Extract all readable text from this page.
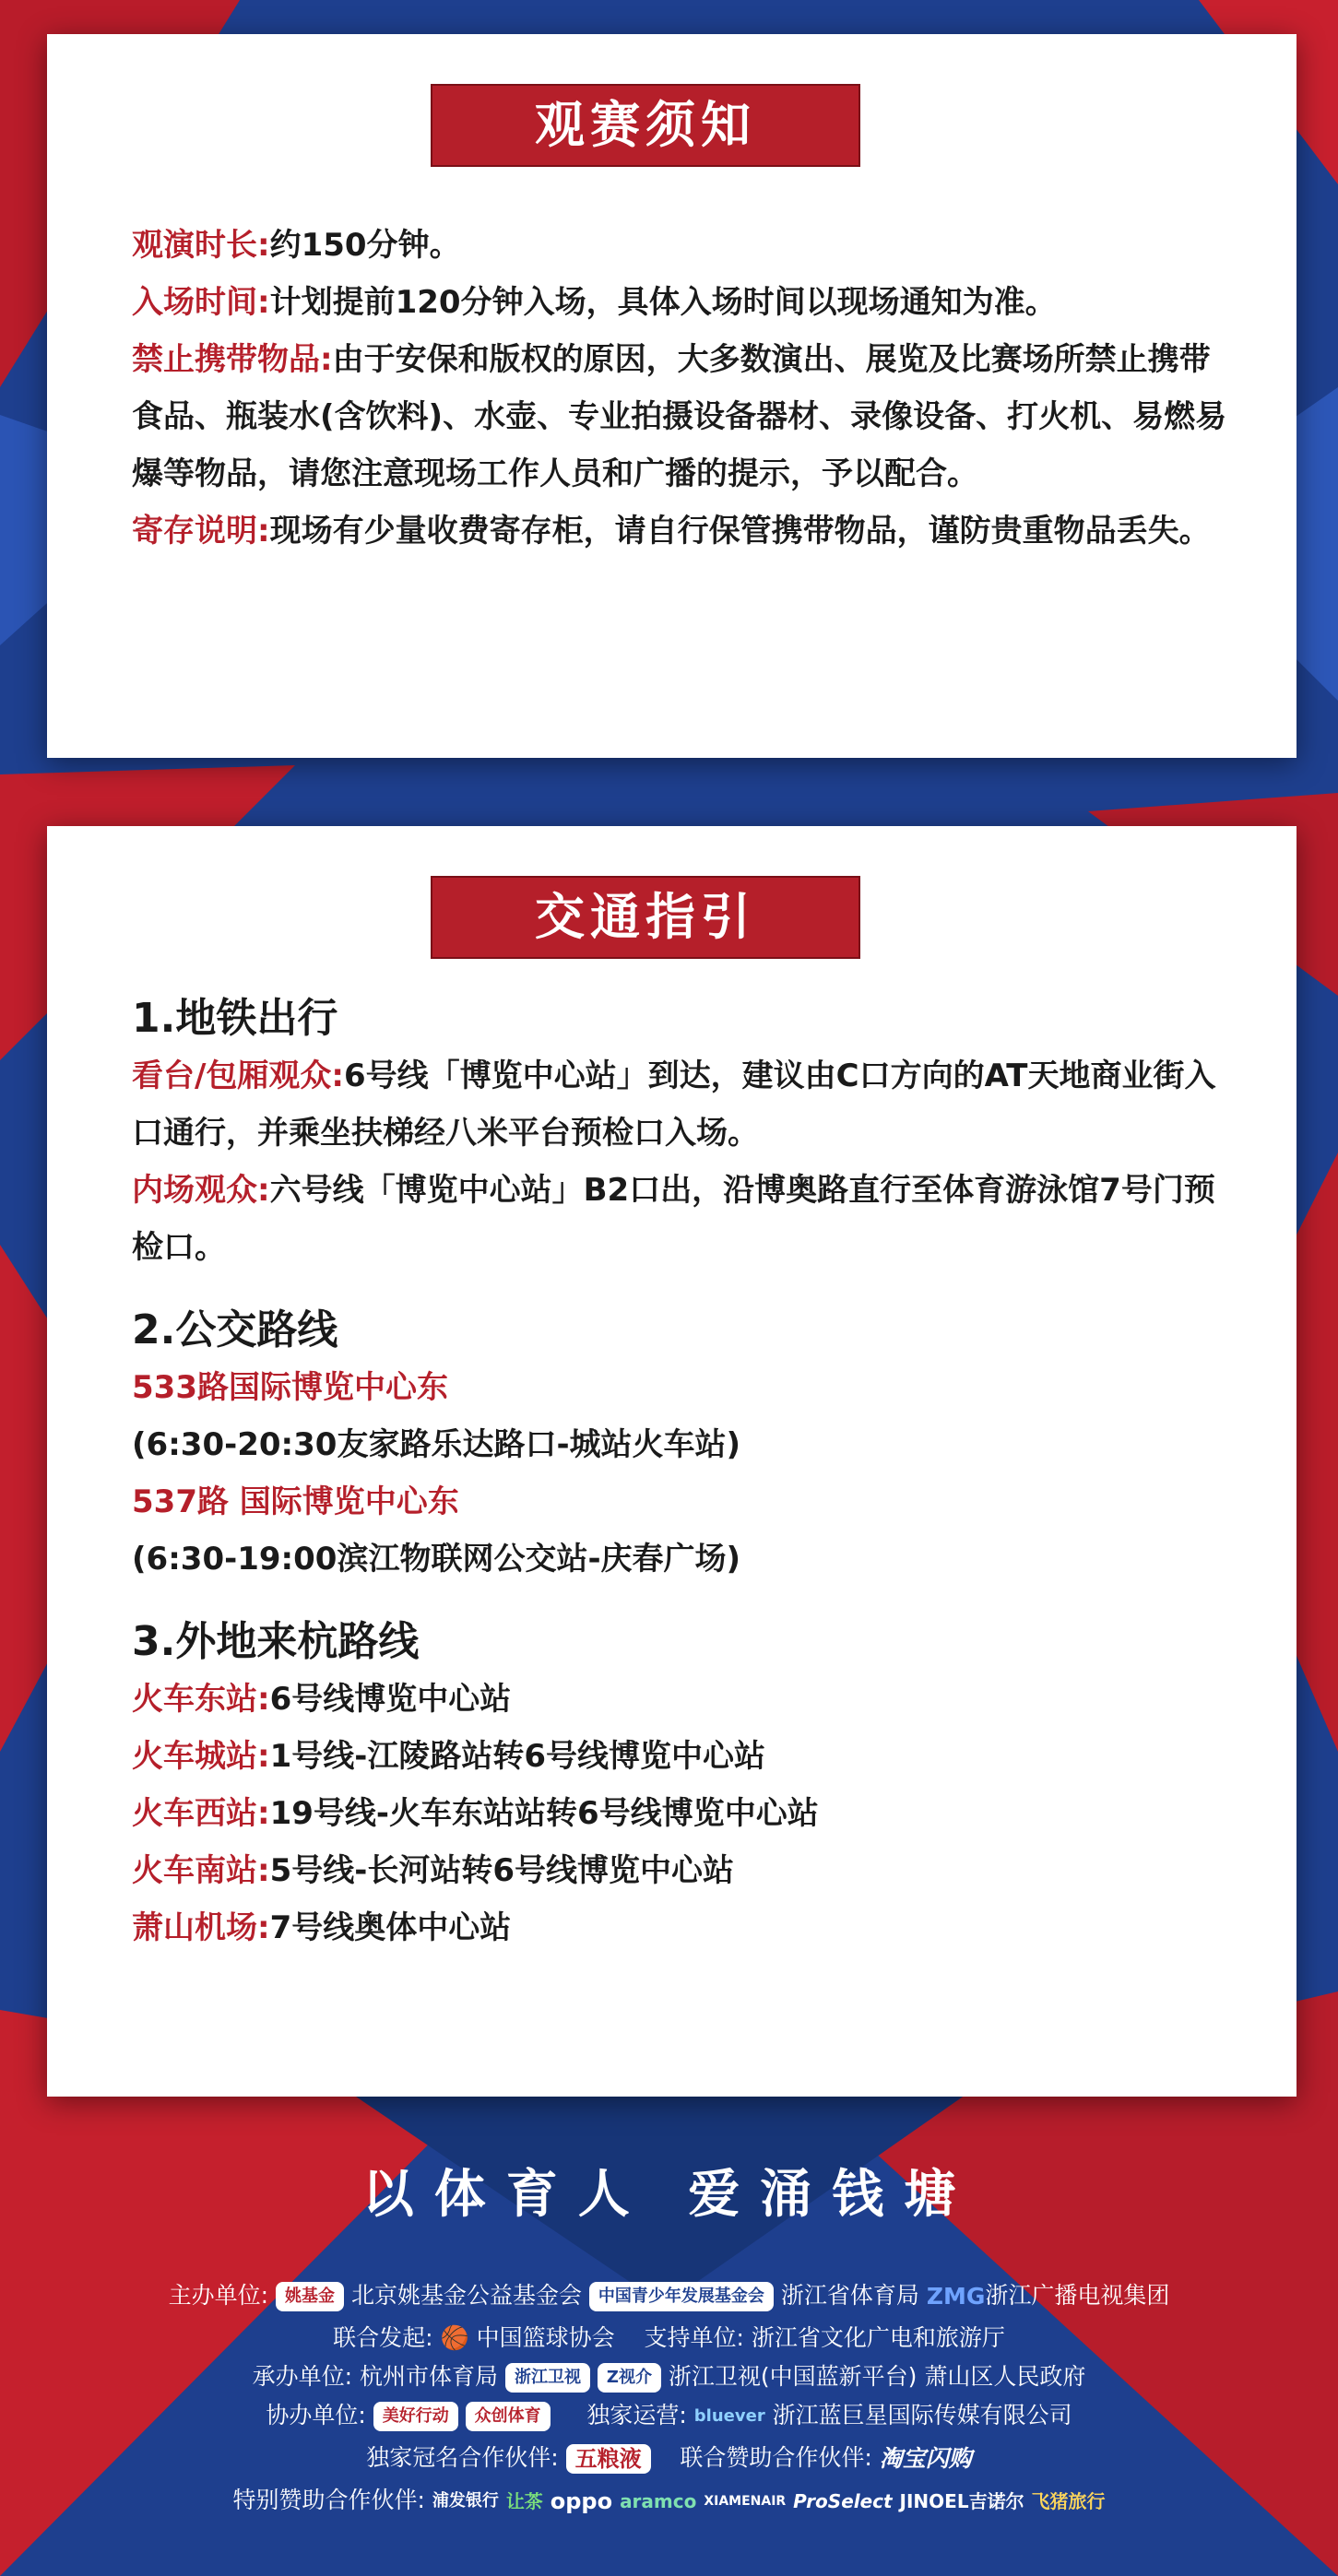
观赛须知

观演时长:约150分钟。

入场时间:计划提前120分钟入场，具体入场时间以现场通知为准。

禁止携带物品:由于安保和版权的原因，大多数演出、展览及比赛场所禁止携带食品、瓶装水(含饮料)、水壶、专业拍摄设备器材、录像设备、打火机、易燃易爆等物品，请您注意现场工作人员和广播的提示，予以配合。

寄存说明:现场有少量收费寄存柜，请自行保管携带物品，谨防贵重物品丢失。

交通指引

1.地铁出行

看台/包厢观众:6号线「博览中心站」到达，建议由C口方向的AT天地商业街入口通行，并乘坐扶梯经八米平台预检口入场。

内场观众:六号线「博览中心站」B2口出，沿博奥路直行至体育游泳馆7号门预检口。

2.公交路线

533路国际博览中心东

(6:30-20:30友家路乐达路口-城站火车站)

537路 国际博览中心东

(6:30-19:00滨江物联网公交站-庆春广场)

3.外地来杭路线

火车东站:6号线博览中心站

火车城站:1号线-江陵路站转6号线博览中心站

火车西站:19号线-火车东站站转6号线博览中心站

火车南站:5号线-长河站转6号线博览中心站

萧山机场:7号线奥体中心站

以体育人 爱涌钱塘
主办单位: 姚基金 北京姚基金公益基金会 中国青少年发展基金会 浙江省体育局 ZMG浙江广播电视集团
联合发起: 🏀 中国篮球协会 支持单位: 浙江省文化广电和旅游厅
承办单位: 杭州市体育局 浙江卫视 Z视介 浙江卫视(中国蓝新平台) 萧山区人民政府
协办单位: 美好行动 众创体育 独家运营: bluever 浙江蓝巨星国际传媒有限公司
独家冠名合作伙伴: 五粮液 联合赞助合作伙伴: 淘宝闪购
特别赞助合作伙伴: 浦发银行 让茶 oppo aramco XIAMENAIR ProSelect JINOEL吉诺尔 飞猪旅行
